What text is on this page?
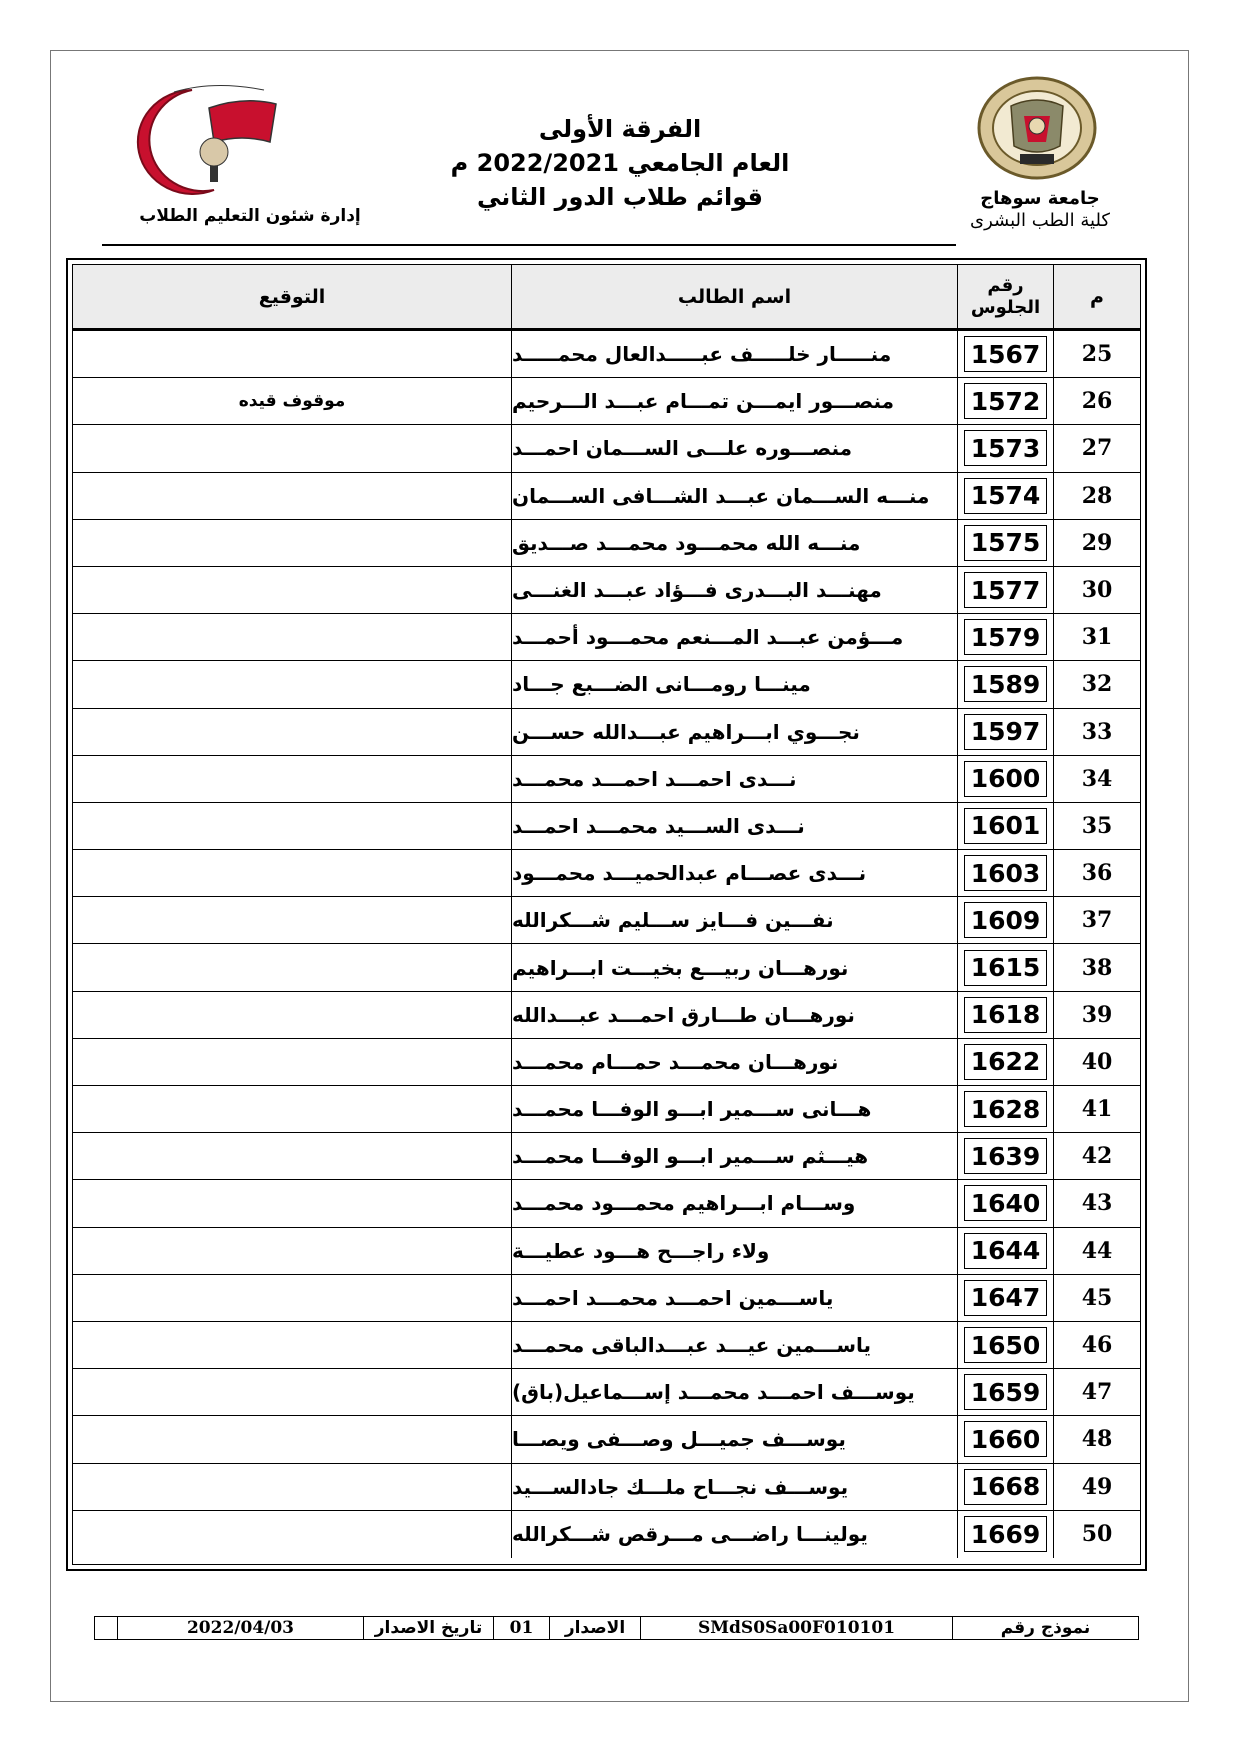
جامعة سوهاج
كلية الطب البشرى
الفرقة الأولى
العام الجامعي 2022/2021 م
قوائم طلاب الدور الثاني
إدارة شئون التعليم الطلاب
م
رقم
الجلوس
اسم الطالب
التوقيع
25
1567
منـــــار خلـــــف عبـــــدالعال محمـــــد
26
1572
منصـــور ايمـــن تمـــام عبـــد الـــرحيم
موقوف قيده
27
1573
منصـــوره علـــى الســـمان احمـــد
28
1574
منـــه الســـمان عبـــد الشـــافى الســـمان
29
1575
منـــه الله محمـــود محمـــد صـــديق
30
1577
مهنـــد البـــدرى فـــؤاد عبـــد الغنـــى
31
1579
مـــؤمن عبـــد المـــنعم محمـــود أحمـــد
32
1589
مينـــا رومـــانى الضـــبع جـــاد
33
1597
نجـــوي ابـــراهيم عبـــدالله حســـن
34
1600
نـــدى احمـــد احمـــد محمـــد
35
1601
نـــدى الســـيد محمـــد احمـــد
36
1603
نـــدى عصـــام عبدالحميـــد محمـــود
37
1609
نفـــين فـــايز ســـليم شـــكرالله
38
1615
نورهـــان ربيـــع بخيـــت ابـــراهيم
39
1618
نورهـــان طـــارق احمـــد عبـــدالله
40
1622
نورهـــان محمـــد حمـــام محمـــد
41
1628
هـــانى ســـمير ابـــو الوفـــا محمـــد
42
1639
هيـــثم ســـمير ابـــو الوفـــا محمـــد
43
1640
وســـام ابـــراهيم محمـــود محمـــد
44
1644
ولاء راجـــح هـــود عطيـــة
45
1647
ياســـمين احمـــد محمـــد احمـــد
46
1650
ياســـمين عيـــد عبـــدالباقى محمـــد
47
1659
يوســـف احمـــد محمـــد إســـماعيل(باق)
48
1660
يوســـف جميـــل وصـــفى ويصـــا
49
1668
يوســـف نجـــاح ملـــك جادالســـيد
50
1669
يولينـــا راضـــى مـــرقص شـــكرالله
نموذج رقم
SMdS0Sa00F010101
الاصدار
01
تاريخ الاصدار
2022/04/03
